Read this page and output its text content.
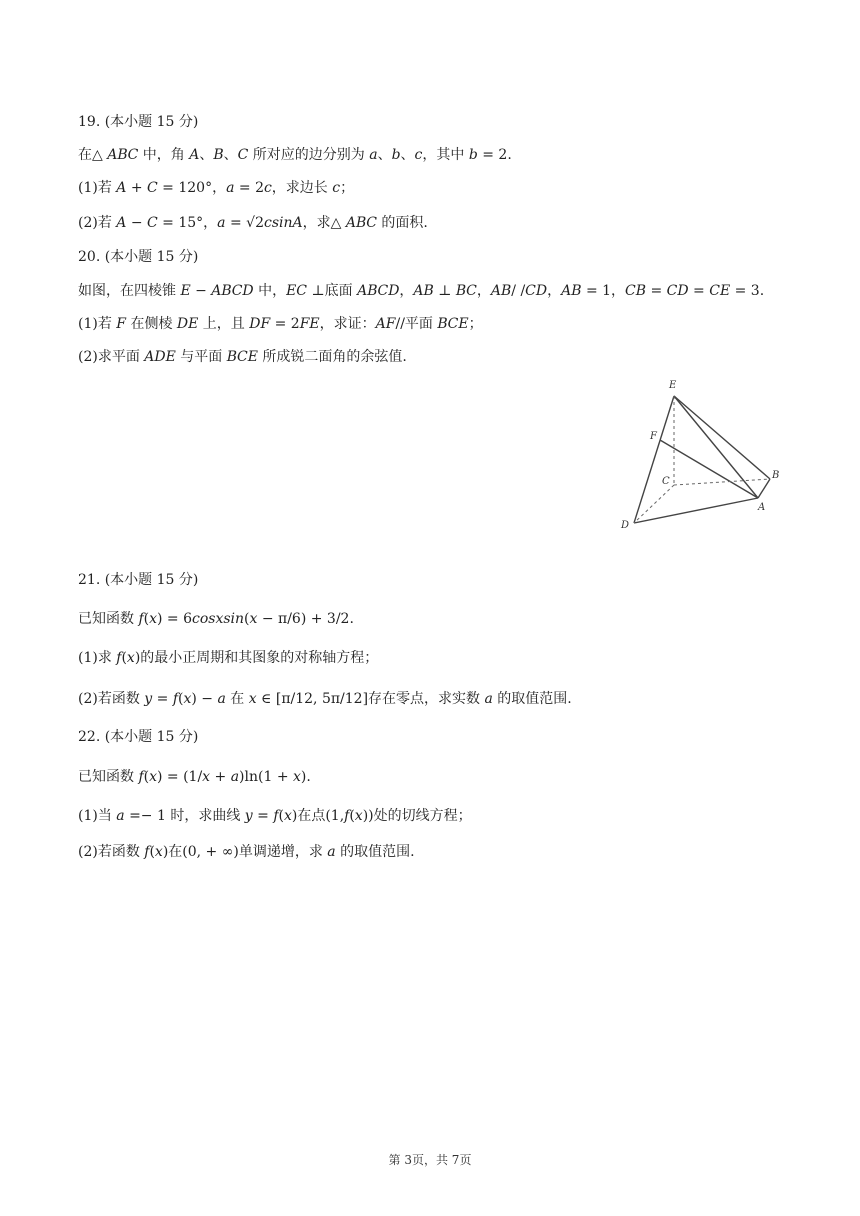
19. (本小题 15 分)
在△ 𝐴𝐵𝐶 中，角 𝐴、𝐵、𝐶 所对应的边分别为 𝑎、𝑏、𝑐，其中 𝑏 = 2.
(1)若 𝐴 + 𝐶 = 120°，𝑎 = 2𝑐，求边长 𝑐；
(2)若 𝐴 − 𝐶 = 15°，𝑎 = √2𝑐𝑠𝑖𝑛𝐴，求△ 𝐴𝐵𝐶 的面积.
20. (本小题 15 分)
如图，在四棱锥 𝐸 − 𝐴𝐵𝐶𝐷 中，𝐸𝐶 ⊥底面 𝐴𝐵𝐶𝐷，𝐴𝐵 ⊥ 𝐵𝐶，𝐴𝐵/ /𝐶𝐷，𝐴𝐵 = 1，𝐶𝐵 = 𝐶𝐷 = 𝐶𝐸 = 3.
(1)若 𝐹 在侧棱 𝐷𝐸 上，且 𝐷𝐹 = 2𝐹𝐸，求证：𝐴𝐹//平面 𝐵𝐶𝐸；
(2)求平面 𝐴𝐷𝐸 与平面 𝐵𝐶𝐸 所成锐二面角的余弦值.
E
F
C
B
A
D
21. (本小题 15 分)
已知函数 𝑓(𝑥) = 6𝑐𝑜𝑠𝑥𝑠𝑖𝑛(𝑥 − π/6) + 3/2.
(1)求 𝑓(𝑥)的最小正周期和其图象的对称轴方程；
(2)若函数 𝑦 = 𝑓(𝑥) − 𝑎 在 𝑥 ∈ [π/12, 5π/12]存在零点，求实数 𝑎 的取值范围.
22. (本小题 15 分)
已知函数 𝑓(𝑥) = (1/𝑥 + 𝑎)ln(1 + 𝑥).
(1)当 𝑎 =− 1 时，求曲线 𝑦 = 𝑓(𝑥)在点(1,𝑓(𝑥))处的切线方程；
(2)若函数 𝑓(𝑥)在(0, + ∞)单调递增，求 𝑎 的取值范围.
第 3页，共 7页
